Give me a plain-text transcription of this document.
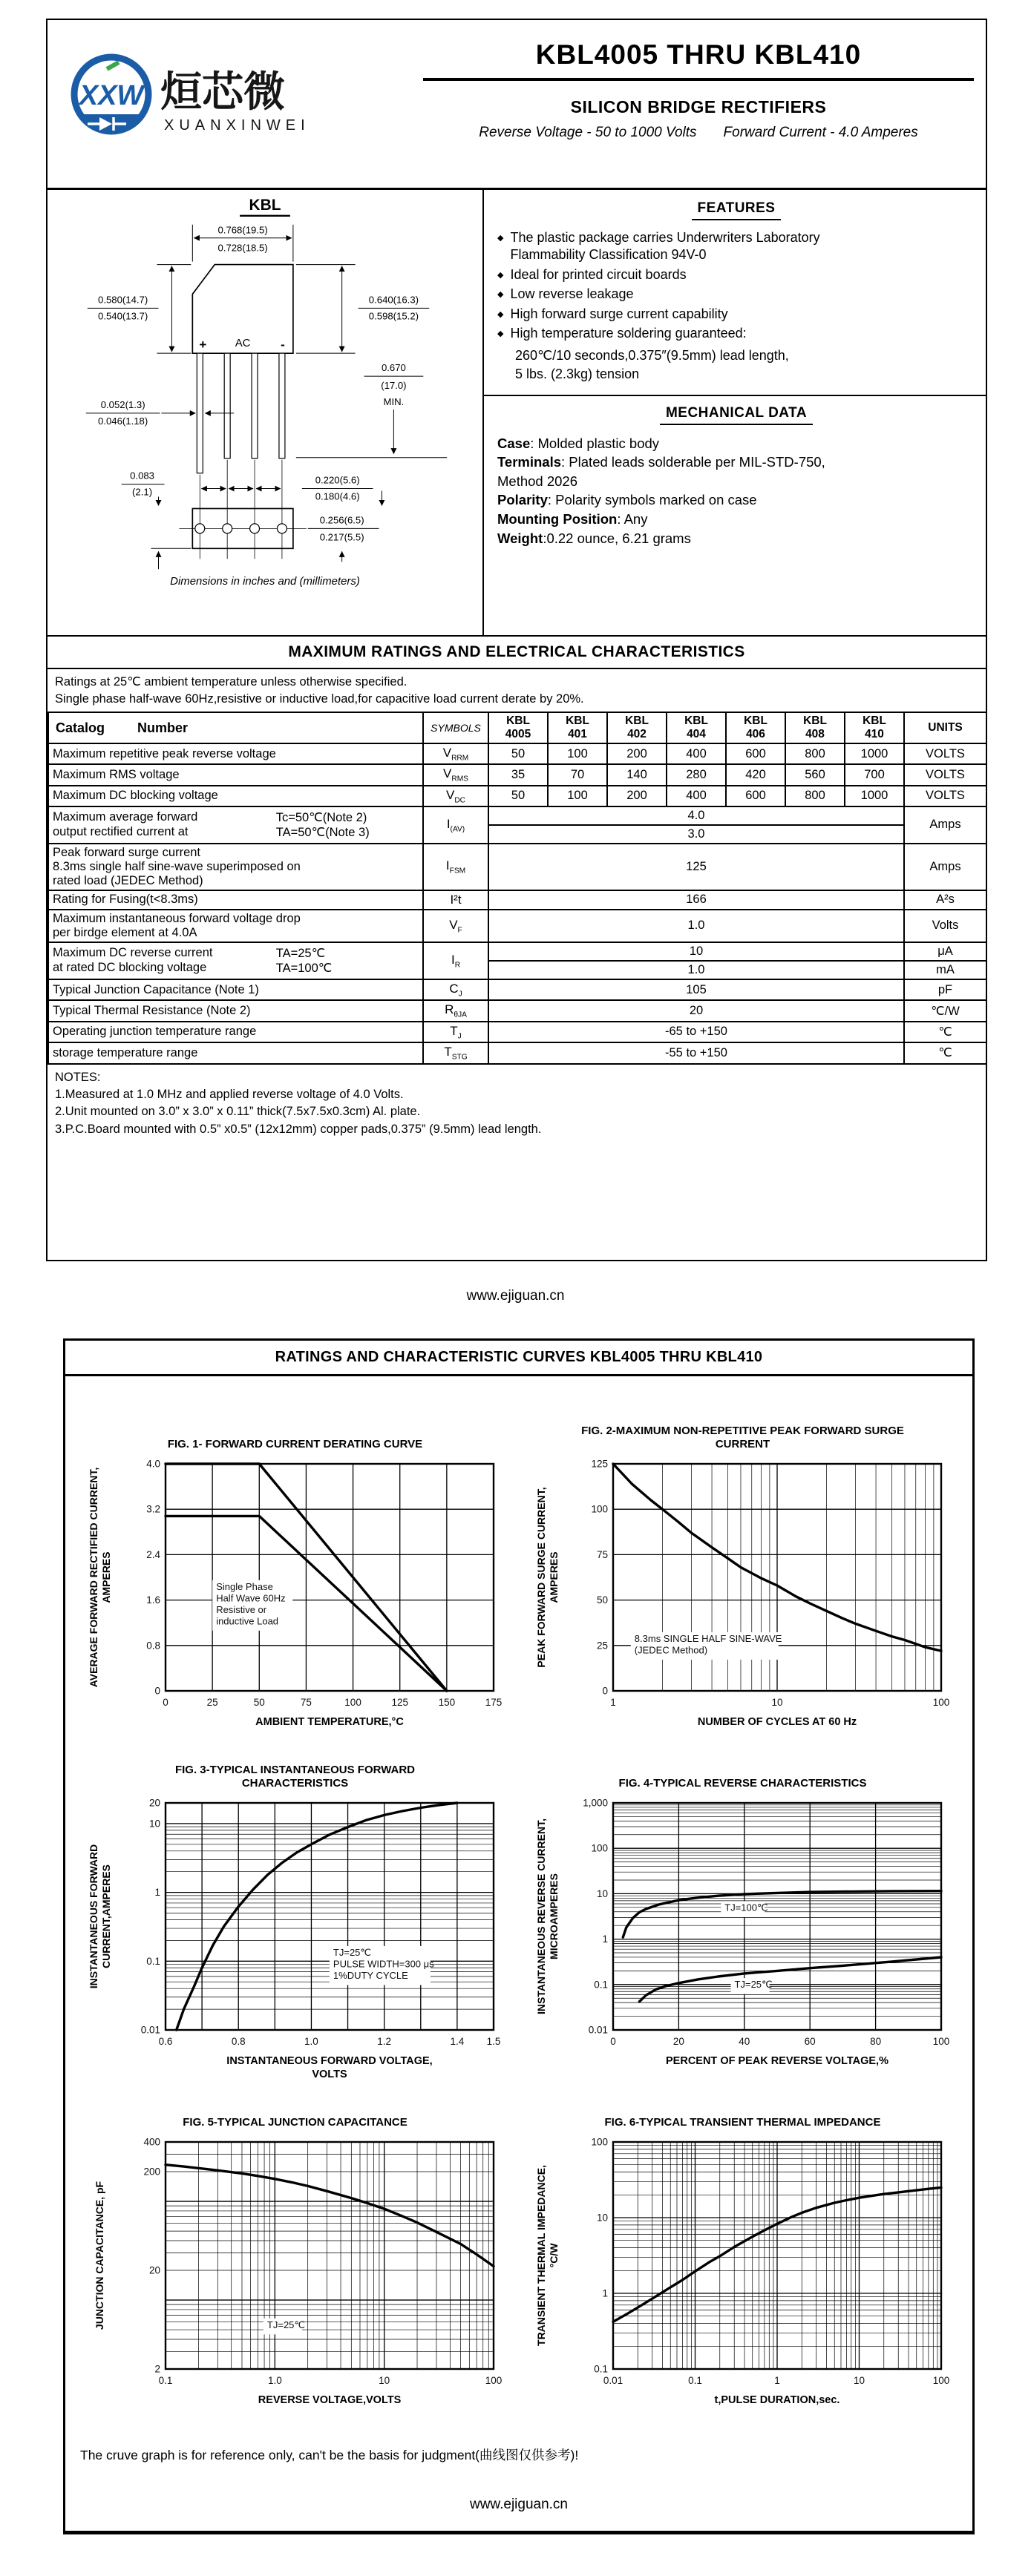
XXW 烜芯微
XUANXINWEI
KBL4005 THRU KBL410
SILICON BRIDGE RECTIFIERS
Reverse Voltage - 50 to 1000 Volts Forward Current - 4.0 Amperes
KBL
0.768(19.5)
0.728(18.5)
+	AC -
0.580(14.7)
0.540(13.7)
0.640(16.3)
0.598(15.2)
0.670
(17.0)
MIN.
0.052(1.3)
0.046(1.18)
0.083
(2.1)
0.220(5.6)
0.180(4.6)
0.256(6.5)
0.217(5.5)
Dimensions in inches and (millimeters)
FEATURES
◆ The plastic package carries Underwriters Laboratory
Flammability Classification 94V-0
◆ Ideal for printed circuit boards
◆ Low reverse leakage
◆ High forward surge current capability
◆ High temperature soldering guaranteed:
260℃/10 seconds,0.375″(9.5mm) lead length,
5 lbs. (2.3kg) tension
MECHANICAL DATA
Case: Molded plastic body
Terminals: Plated leads solderable per MIL-STD-750,
Method 2026
Polarity: Polarity symbols marked on case
Mounting Position: Any
Weight:0.22 ounce, 6.21 grams
MAXIMUM RATINGS AND ELECTRICAL CHARACTERISTICS
Ratings at 25℃ ambient temperature unless otherwise specified.
Single phase half-wave 60Hz,resistive or inductive load,for capacitive load current derate by 20%.
Catalog Number	SYMBOLS	KBL
4005	KBL
401	KBL
402	KBL
404	KBL
406	KBL
408	KBL
410	UNITS

Maximum repetitive peak reverse voltage	$V_{RRM}$	50	100	200	400	600	800	1000	VOLTS

Maximum RMS voltage	$V_{RMS}$	35	70	140	280	420	560	700	VOLTS

Maximum DC blocking voltage	$V_{DC}$	50	100	200	400	600	800	1000	VOLTS

Maximum average forward Tc=50℃(Note 2)
output rectified current at TA=50℃(Note 3)	$I_{(AV)}$	4.0							Amps
		3.0							

Peak forward surge current
8.3ms single half sine-wave superimposed on
rated load (JEDEC Method)	$I_{FSM}$	125							Amps

Rating for Fusing(t<8.3ms)	I²t	166							A²s

Maximum instantaneous forward voltage drop
per birdge element at 4.0A	$V_F$	1.0							Volts

Maximum DC reverse current TA=25℃
at rated DC blocking voltage TA=100℃	$I_R$	10							μA
		1.0							mA

Typical Junction Capacitance (Note 1)	$C_J$	105							pF

Typical Thermal Resistance (Note 2)	$R_{\theta JA}$	20							℃/W

Operating junction temperature range	$T_J$	-65 to +150							℃

storage temperature range	$T_{STG}$	-55 to +150							℃
NOTES:
1.Measured at 1.0 MHz and applied reverse voltage of 4.0 Volts.
2.Unit mounted on 3.0” x 3.0” x 0.11” thick(7.5x7.5x0.3cm) Al. plate.
3.P.C.Board mounted with 0.5” x0.5” (12x12mm) copper pads,0.375” (9.5mm) lead length.
www.ejiguan.cn
RATINGS AND CHARACTERISTIC CURVES KBL4005 THRU KBL410
FIG. 1- FORWARD CURRENT DERATING CURVE
0	25	50	75	100	125	150	175
0
0.8
1.6
2.4
3.2
4.0
Single Phase
Half Wave 60Hz
Resistive or
inductive Load
AMBIENT TEMPERATURE,°C
AVERAGE FORWARD RECTIFIED CURRENT, AMPERES
FIG. 2-MAXIMUM NON-REPETITIVE PEAK FORWARD SURGE CURRENT
1	10	100
0
25
50
75
100
125
8.3ms SINGLE HALF SINE-WAVE
(JEDEC Method)
NUMBER OF CYCLES AT 60 Hz
PEAK FORWARD SURGE CURRENT, AMPERES
FIG. 3-TYPICAL INSTANTANEOUS FORWARD CHARACTERISTICS
0.6	0.8	1.0	1.2	1.4 1.5
0.01
0.1
1
10
20
TJ=25℃
PULSE WIDTH=300 μs
1%DUTY CYCLE
INSTANTANEOUS FORWARD VOLTAGE,
VOLTS
INSTANTANEOUS FORWARD CURRENT,AMPERES
FIG. 4-TYPICAL REVERSE CHARACTERISTICS
0	20	40	60	80	100
0.01
0.1
1
10
100
1,000
TJ=100℃
TJ=25℃
PERCENT OF PEAK REVERSE VOLTAGE,%
INSTANTANEOUS REVERSE CURRENT, MICROAMPERES
FIG. 5-TYPICAL JUNCTION CAPACITANCE
0.1	1.0	10	100
2
20
200
400
TJ=25℃
REVERSE VOLTAGE,VOLTS
JUNCTION CAPACITANCE, pF
FIG. 6-TYPICAL TRANSIENT THERMAL IMPEDANCE
0.01	0.1	1	10	100
0.1
1
10
100
t,PULSE DURATION,sec.
TRANSIENT THERMAL IMPEDANCE, °C/W
The cruve graph is for reference only, can't be the basis for judgment(曲线图仅供参考)!
www.ejiguan.cn
